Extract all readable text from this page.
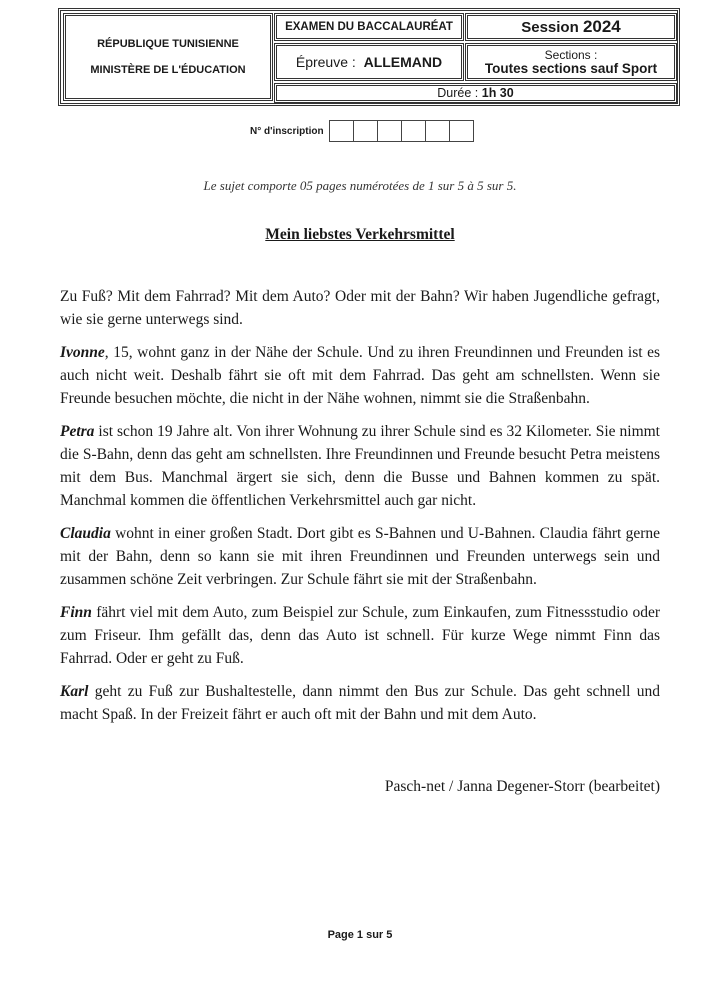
RÉPUBLIQUE TUNISIENNE
MINISTÈRE DE L'ÉDUCATION
EXAMEN DU BACCALAURÉAT	Session 2024
Épreuve : ALLEMAND	Sections :
Toutes sections sauf Sport
Durée : 1h 30
N° d'inscription
Le sujet comporte 05 pages numérotées de 1 sur 5 à 5 sur 5.
Mein liebstes Verkehrsmittel

Zu Fuß? Mit dem Fahrrad? Mit dem Auto? Oder mit der Bahn? Wir haben Jugendliche gefragt, wie sie gerne unterwegs sind.

Ivonne, 15, wohnt ganz in der Nähe der Schule. Und zu ihren Freundinnen und Freunden ist es auch nicht weit. Deshalb fährt sie oft mit dem Fahrrad. Das geht am schnellsten. Wenn sie Freunde besuchen möchte, die nicht in der Nähe wohnen, nimmt sie die Straßenbahn.

Petra ist schon 19 Jahre alt. Von ihrer Wohnung zu ihrer Schule sind es 32 Kilometer. Sie nimmt die S-Bahn, denn das geht am schnellsten. Ihre Freundinnen und Freunde besucht Petra meistens mit dem Bus. Manchmal ärgert sie sich, denn die Busse und Bahnen kommen zu spät. Manchmal kommen die öffentlichen Verkehrsmittel auch gar nicht.

Claudia wohnt in einer großen Stadt. Dort gibt es S-Bahnen und U-Bahnen. Claudia fährt gerne mit der Bahn, denn so kann sie mit ihren Freundinnen und Freunden unterwegs sein und zusammen schöne Zeit verbringen. Zur Schule fährt sie mit der Straßenbahn.

Finn fährt viel mit dem Auto, zum Beispiel zur Schule, zum Einkaufen, zum Fitnessstudio oder zum Friseur. Ihm gefällt das, denn das Auto ist schnell. Für kurze Wege nimmt Finn das Fahrrad. Oder er geht zu Fuß.

Karl geht zu Fuß zur Bushaltestelle, dann nimmt den Bus zur Schule. Das geht schnell und macht Spaß. In der Freizeit fährt er auch oft mit der Bahn und mit dem Auto.

Pasch-net / Janna Degener-Storr (bearbeitet)
Page 1 sur 5
